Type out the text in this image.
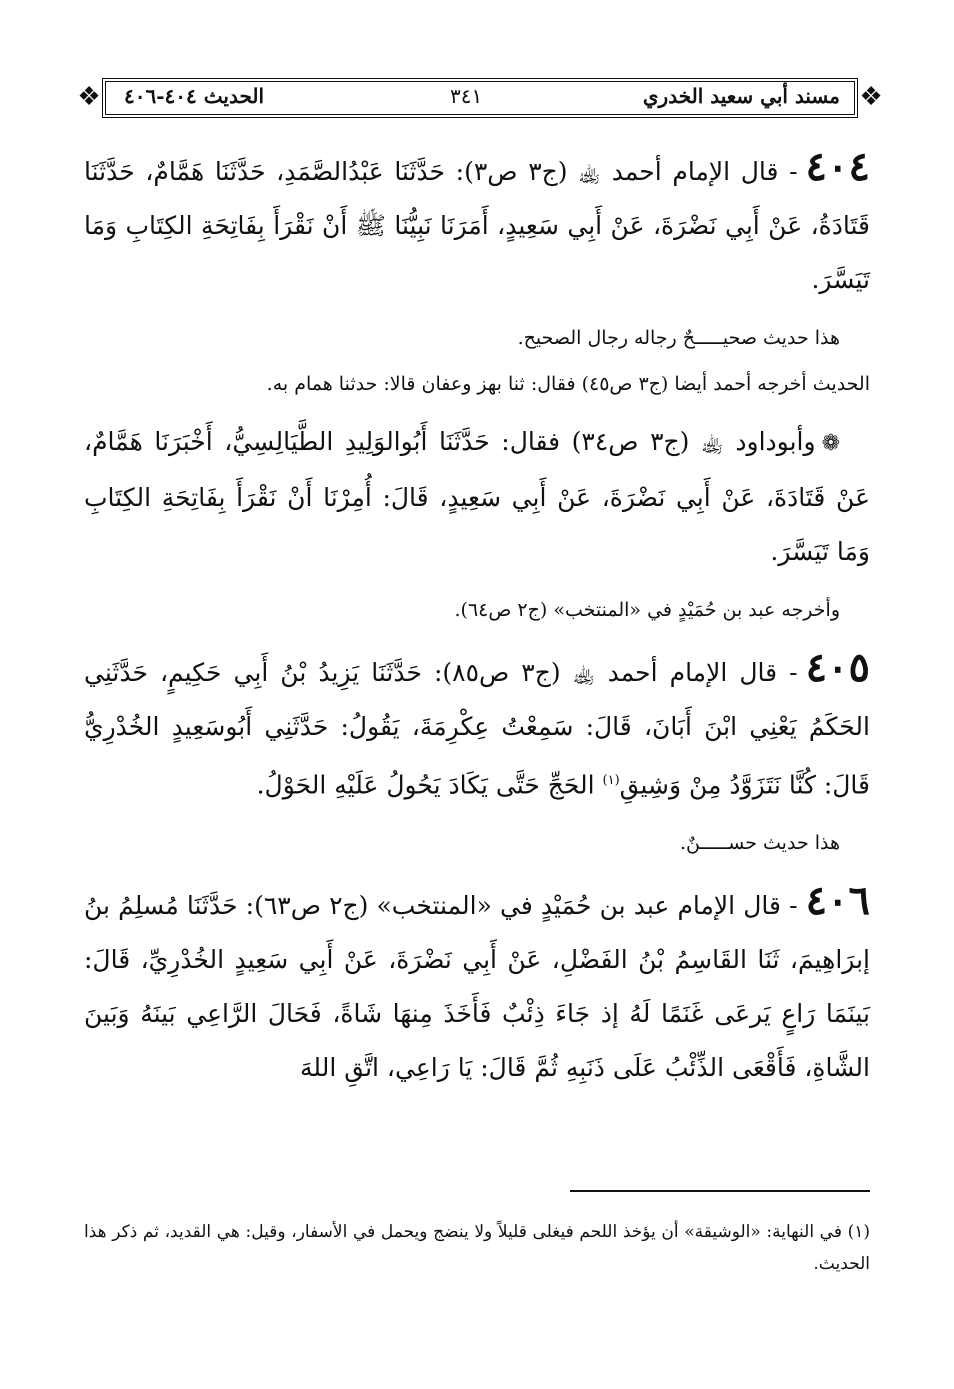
❖
❖	مسند أبي سعيد الخدري
٣٤١
الحديث ٤٠٤-٤٠٦

٤٠٤- قال الإمام أحمد ﵀ (ج٣ ص٣): حَدَّثَنَا عَبْدُالصَّمَدِ، حَدَّثَنَا هَمَّامٌ، حَدَّثَنَا قَتَادَةُ، عَنْ أَبِي نَضْرَةَ، عَنْ أَبِي سَعِيدٍ، أَمَرَنَا نَبِيُّنَا ﷺ أَنْ نَقْرَأَ بِفَاتِحَةِ الكِتَابِ وَمَا تَيَسَّرَ.

هذا حديث صحيـــــحٌ رجاله رجال الصحيح.

الحديث أخرجه أحمد أيضا (ج٣ ص٤٥) فقال: ثنا بهز وعفان قالا: حدثنا همام به.

❁وأبوداود ﵀ (ج٣ ص٣٤) فقال: حَدَّثَنَا أَبُوالوَلِيدِ الطَّيَالِسِيُّ، أَخْبَرَنَا هَمَّامٌ، عَنْ قَتَادَةَ، عَنْ أَبِي نَضْرَةَ، عَنْ أَبِي سَعِيدٍ، قَالَ: أُمِرْنَا أَنْ نَقْرَأَ بِفَاتِحَةِ الكِتَابِ وَمَا تَيَسَّرَ.

وأخرجه عبد بن حُمَيْدٍ في «المنتخب» (ج٢ ص٦٤).

٤٠٥- قال الإمام أحمد ﵀ (ج٣ ص٨٥): حَدَّثَنَا يَزِيدُ بْنُ أَبِي حَكِيمٍ، حَدَّثَنِي الحَكَمُ يَعْنِي ابْنَ أَبَانَ، قَالَ: سَمِعْتُ عِكْرِمَةَ، يَقُولُ: حَدَّثَنِي أَبُوسَعِيدٍ الخُدْرِيُّ قَالَ: كُنَّا نَتَزَوَّدُ مِنْ وَشِيقِ$^{(١)}$ الحَجِّ حَتَّى يَكَادَ يَحُولُ عَلَيْهِ الحَوْلُ.

هذا حديث حســـــنٌ.

٤٠٦- قال الإمام عبد بن حُمَيْدٍ في «المنتخب» (ج٢ ص٦٣): حَدَّثَنَا مُسلِمُ بنُ إبرَاهِيمَ، ثَنَا القَاسِمُ بْنُ الفَضْلِ، عَنْ أَبِي نَضْرَةَ، عَنْ أَبِي سَعِيدٍ الخُدْرِيِّ، قَالَ: بَينَمَا رَاعٍ يَرعَى غَنَمًا لَهُ إذ جَاءَ ذِئْبٌ فَأَخَذَ مِنهَا شَاةً، فَحَالَ الرَّاعِي بَينَهُ وَبَينَ الشَّاةِ، فَأَقْعَى الذِّئْبُ عَلَى ذَنَبِهِ ثُمَّ قَالَ: يَا رَاعِي، اتَّقِ اللهَ

(١) في النهاية: «الوشيقة» أن يؤخذ اللحم فيغلى قليلاً ولا ينضج ويحمل في الأسفار، وقيل: هي القديد، ثم ذكر هذا الحديث.
